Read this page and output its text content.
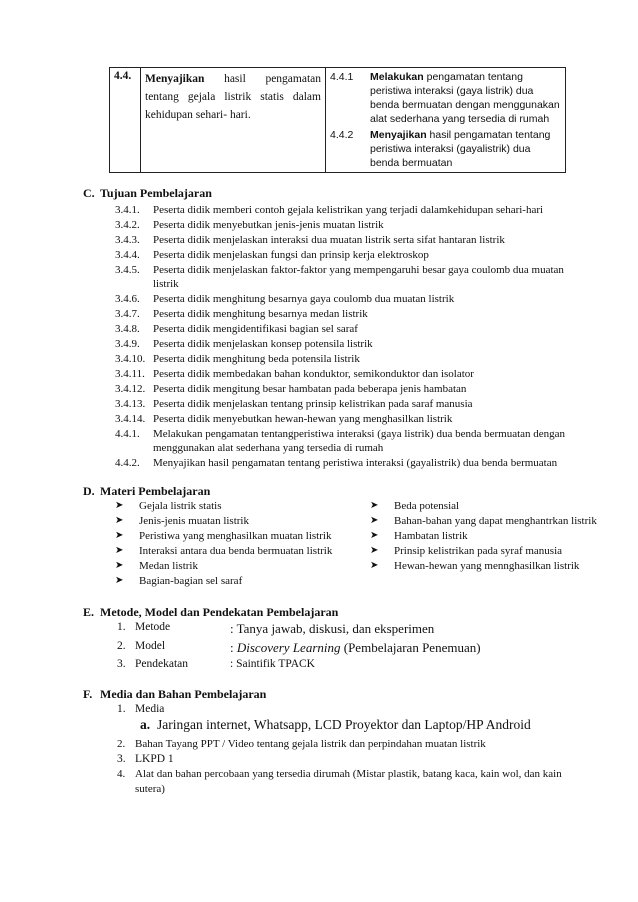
4.4.	Menyajikan hasil pengamatan tentang gejala listrik statis dalam kehidupan sehari- hari.	
4.4.1	Melakukan pengamatan tentang peristiwa interaksi (gaya listrik) dua benda bermuatan dengan menggunakan alat sederhana yang tersedia di rumah
4.4.2	Menyajikan hasil pengamatan tentang peristiwa interaksi (gayalistrik) dua benda bermuatan
C. Tujuan Pembelajaran
3.4.1.	Peserta didik memberi contoh gejala kelistrikan yang terjadi dalamkehidupan sehari-hari
3.4.2.	Peserta didik menyebutkan jenis-jenis muatan listrik
3.4.3.	Peserta didik menjelaskan interaksi dua muatan listrik serta sifat hantaran listrik
3.4.4.	Peserta didik menjelaskan fungsi dan prinsip kerja elektroskop
3.4.5.	Peserta didik menjelaskan faktor-faktor yang mempengaruhi besar gaya coulomb dua muatan listrik
3.4.6.	Peserta didik menghitung besarnya gaya coulomb dua muatan listrik
3.4.7.	Peserta didik menghitung besarnya medan listrik
3.4.8.	Peserta didik mengidentifikasi bagian sel saraf
3.4.9.	Peserta didik menjelaskan konsep potensila listrik
3.4.10. Peserta didik menghitung beda potensila listrik
3.4.11. Peserta didik membedakan bahan konduktor, semikonduktor dan isolator
3.4.12. Peserta didik mengitung besar hambatan pada beberapa jenis hambatan
3.4.13. Peserta didik menjelaskan tentang prinsip kelistrikan pada saraf manusia
3.4.14. Peserta didik menyebutkan hewan-hewan yang menghasilkan listrik
4.4.1.	Melakukan pengamatan tentangperistiwa interaksi (gaya listrik) dua benda bermuatan dengan menggunakan alat sederhana yang tersedia di rumah
4.4.2.	Menyajikan hasil pengamatan tentang peristiwa interaksi (gayalistrik) dua benda bermuatan
D. Materi Pembelajaran
➤	Gejala listrik statis
➤	Jenis-jenis muatan listrik
➤	Peristiwa yang menghasilkan muatan listrik
➤	Interaksi antara dua benda bermuatan listrik
➤	Medan listrik
➤	Bagian-bagian sel saraf
➤	Beda potensial
➤	Bahan-bahan yang dapat menghantrkan listrik
➤	Hambatan listrik
➤	Prinsip kelistrikan pada syraf manusia
➤	Hewan-hewan yang mennghasilkan listrik
E. Metode, Model dan Pendekatan Pembelajaran
1. Metode	: Tanya jawab, diskusi, dan eksperimen
2. Model	: Discovery Learning (Pembelajaran Penemuan)
3. Pendekatan	: Saintifik TPACK
F. Media dan Bahan Pembelajaran
1. Media
a. Jaringan internet, Whatsapp, LCD Proyektor dan Laptop/HP Android
2. Bahan Tayang PPT / Video tentang gejala listrik dan perpindahan muatan listrik
3. LKPD 1
4. Alat dan bahan percobaan yang tersedia dirumah (Mistar plastik, batang kaca, kain wol, dan kain sutera)
